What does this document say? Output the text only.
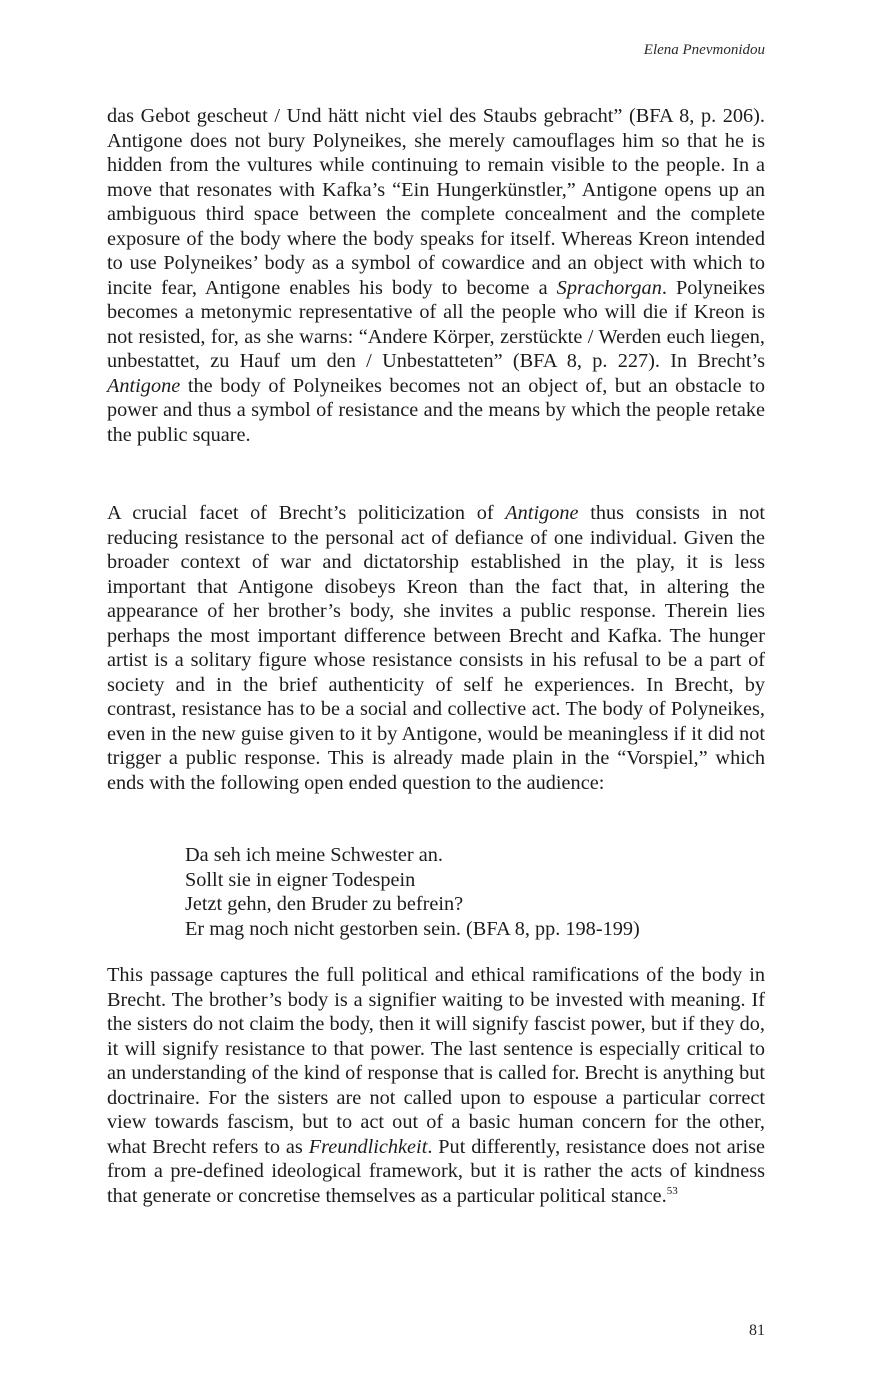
Elena Pnevmonidou

das Gebot gescheut / Und hätt nicht viel des Staubs gebracht” (BFA 8, p. 206). Antigone does not bury Polyneikes, she merely camouflages him so that he is hidden from the vultures while continuing to remain visible to the people. In a move that resonates with Kafka’s “Ein Hungerkünstler,” Antigone opens up an ambiguous third space between the complete concealment and the complete exposure of the body where the body speaks for itself. Whereas Kreon intended to use Polyneikes’ body as a symbol of cowardice and an object with which to incite fear, Antigone enables his body to become a Sprachorgan. Polyneikes becomes a metonymic representative of all the people who will die if Kreon is not resisted, for, as she warns: “Andere Körper, zerstückte / Werden euch liegen, unbestattet, zu Hauf um den / Unbestatteten” (BFA 8, p. 227). In Brecht’s Antigone the body of Polyneikes becomes not an object of, but an obstacle to power and thus a symbol of resistance and the means by which the people retake the public square.

A crucial facet of Brecht’s politicization of Antigone thus consists in not reducing resistance to the personal act of defiance of one individual. Given the broader context of war and dictatorship established in the play, it is less important that Antigone disobeys Kreon than the fact that, in altering the appearance of her brother’s body, she invites a public response. Therein lies perhaps the most important difference between Brecht and Kafka. The hunger artist is a solitary figure whose resistance consists in his refusal to be a part of society and in the brief authenticity of self he experiences. In Brecht, by contrast, resistance has to be a social and collective act. The body of Polyneikes, even in the new guise given to it by Antigone, would be meaningless if it did not trigger a public response. This is already made plain in the “Vorspiel,” which ends with the following open ended question to the audience:

Da seh ich meine Schwester an.
Sollt sie in eigner Todespein
Jetzt gehn, den Bruder zu befrein?
Er mag noch nicht gestorben sein. (BFA 8, pp. 198-199)

This passage captures the full political and ethical ramifications of the body in Brecht. The brother’s body is a signifier waiting to be invested with meaning. If the sisters do not claim the body, then it will signify fascist power, but if they do, it will signify resistance to that power. The last sentence is especially critical to an understanding of the kind of response that is called for. Brecht is anything but doctrinaire. For the sisters are not called upon to espouse a particular correct view towards fascism, but to act out of a basic human concern for the other, what Brecht refers to as Freundlichkeit. Put differently, resistance does not arise from a pre-defined ideological framework, but it is rather the acts of kindness that generate or concretise themselves as a particular political stance.$^{53}$

81
